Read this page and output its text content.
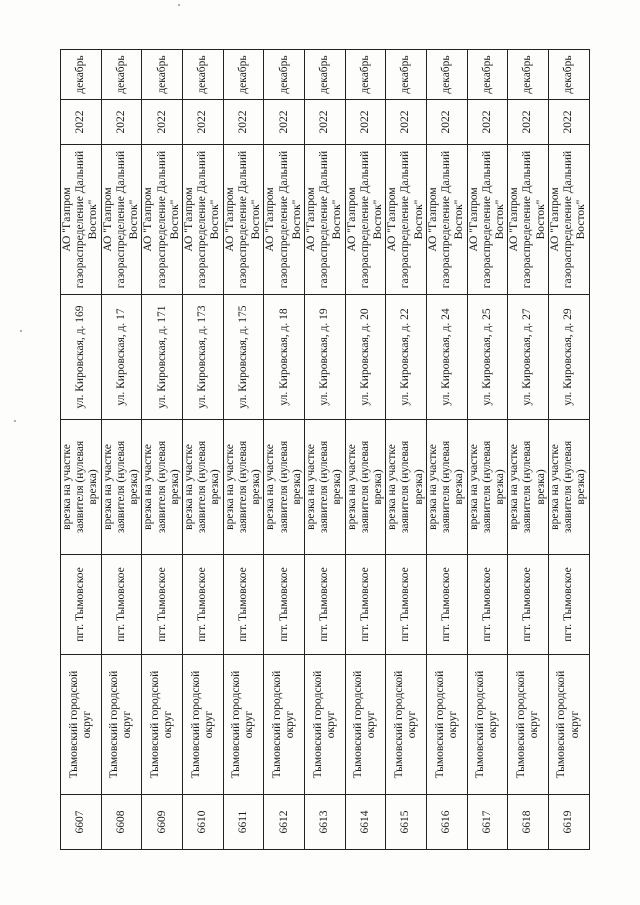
6607	Тымовский городской округ	пгт. Тымовское	врезка на участке заявителя (нулевая врезка)	ул. Кировская, д. 169	АО "Газпром газораспределение Дальний Восток"	2022	декабрь
6608	Тымовский городской округ	пгт. Тымовское	врезка на участке заявителя (нулевая врезка)	ул. Кировская, д. 17	АО "Газпром газораспределение Дальний Восток"	2022	декабрь
6609	Тымовский городской округ	пгт. Тымовское	врезка на участке заявителя (нулевая врезка)	ул. Кировская, д. 171	АО "Газпром газораспределение Дальний Восток"	2022	декабрь
6610	Тымовский городской округ	пгт. Тымовское	врезка на участке заявителя (нулевая врезка)	ул. Кировская, д. 173	АО "Газпром газораспределение Дальний Восток"	2022	декабрь
6611	Тымовский городской округ	пгт. Тымовское	врезка на участке заявителя (нулевая врезка)	ул. Кировская, д. 175	АО "Газпром газораспределение Дальний Восток"	2022	декабрь
6612	Тымовский городской округ	пгт. Тымовское	врезка на участке заявителя (нулевая врезка)	ул. Кировская, д. 18	АО "Газпром газораспределение Дальний Восток"	2022	декабрь
6613	Тымовский городской округ	пгт. Тымовское	врезка на участке заявителя (нулевая врезка)	ул. Кировская, д. 19	АО "Газпром газораспределение Дальний Восток"	2022	декабрь
6614	Тымовский городской округ	пгт. Тымовское	врезка на участке заявителя (нулевая врезка)	ул. Кировская, д. 20	АО "Газпром газораспределение Дальний Восток"	2022	декабрь
6615	Тымовский городской округ	пгт. Тымовское	врезка на участке заявителя (нулевая врезка)	ул. Кировская, д. 22	АО "Газпром газораспределение Дальний Восток"	2022	декабрь
6616	Тымовский городской округ	пгт. Тымовское	врезка на участке заявителя (нулевая врезка)	ул. Кировская, д. 24	АО "Газпром газораспределение Дальний Восток"	2022	декабрь
6617	Тымовский городской округ	пгт. Тымовское	врезка на участке заявителя (нулевая врезка)	ул. Кировская, д. 25	АО "Газпром газораспределение Дальний Восток"	2022	декабрь
6618	Тымовский городской округ	пгт. Тымовское	врезка на участке заявителя (нулевая врезка)	ул. Кировская, д. 27	АО "Газпром газораспределение Дальний Восток"	2022	декабрь
6619	Тымовский городской округ	пгт. Тымовское	врезка на участке заявителя (нулевая врезка)	ул. Кировская, д. 29	АО "Газпром газораспределение Дальний Восток"	2022	декабрь
